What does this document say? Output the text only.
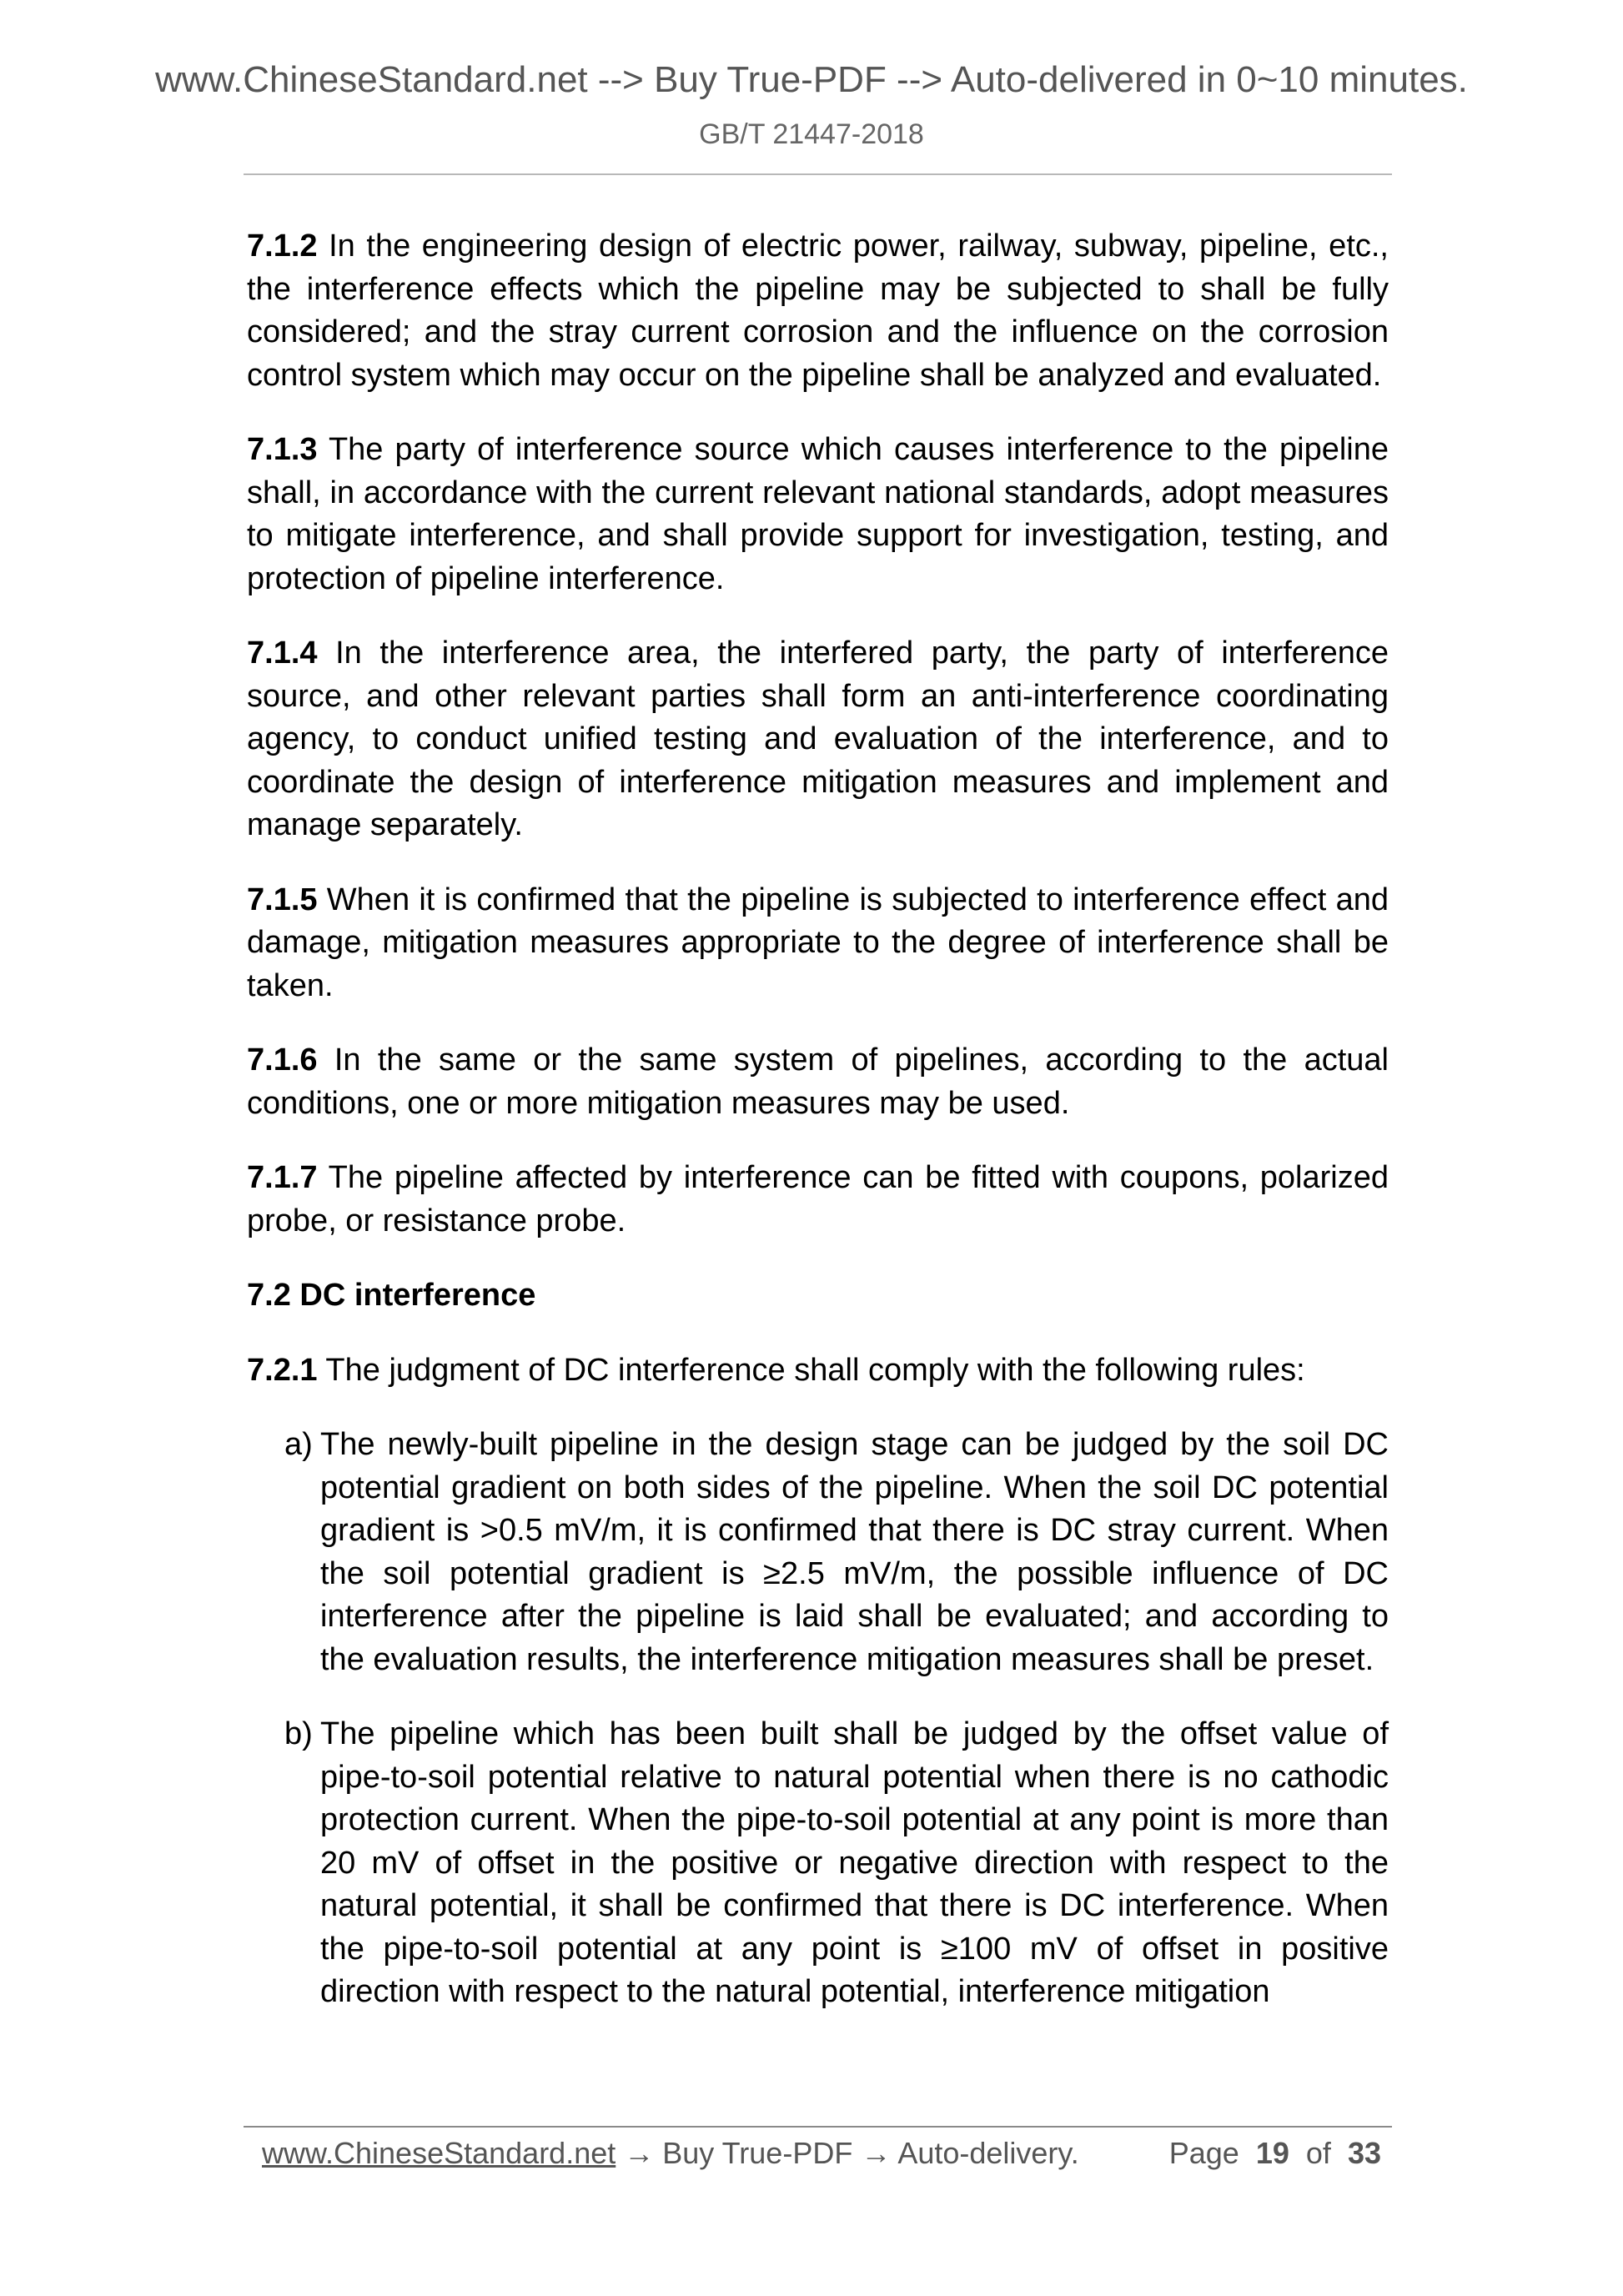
www.ChineseStandard.net --> Buy True-PDF --> Auto-delivered in 0~10 minutes.
GB/T 21447-2018

7.1.2 In the engineering design of electric power, railway, subway, pipeline, etc., the interference effects which the pipeline may be subjected to shall be fully considered; and the stray current corrosion and the influence on the corrosion control system which may occur on the pipeline shall be analyzed and evaluated.

7.1.3 The party of interference source which causes interference to the pipeline shall, in accordance with the current relevant national standards, adopt measures to mitigate interference, and shall provide support for investigation, testing, and protection of pipeline interference.

7.1.4 In the interference area, the interfered party, the party of interference source, and other relevant parties shall form an anti-interference coordinating agency, to conduct unified testing and evaluation of the interference, and to coordinate the design of interference mitigation measures and implement and manage separately.

7.1.5 When it is confirmed that the pipeline is subjected to interference effect and damage, mitigation measures appropriate to the degree of interference shall be taken.

7.1.6 In the same or the same system of pipelines, according to the actual conditions, one or more mitigation measures may be used.

7.1.7 The pipeline affected by interference can be fitted with coupons, polarized probe, or resistance probe.

7.2 DC interference

7.2.1 The judgment of DC interference shall comply with the following rules:

a) The newly-built pipeline in the design stage can be judged by the soil DC potential gradient on both sides of the pipeline. When the soil DC potential gradient is >0.5 mV/m, it is confirmed that there is DC stray current. When the soil potential gradient is ≥2.5 mV/m, the possible influence of DC interference after the pipeline is laid shall be evaluated; and according to the evaluation results, the interference mitigation measures shall be preset.
b) The pipeline which has been built shall be judged by the offset value of pipe-to-soil potential relative to natural potential when there is no cathodic protection current. When the pipe-to-soil potential at any point is more than 20 mV of offset in the positive or negative direction with respect to the natural potential, it shall be confirmed that there is DC interference. When the pipe-to-soil potential at any point is ≥100 mV of offset in positive direction with respect to the natural potential, interference mitigation
www.ChineseStandard.net → Buy True-PDF → Auto-delivery.	Page 19 of 33
